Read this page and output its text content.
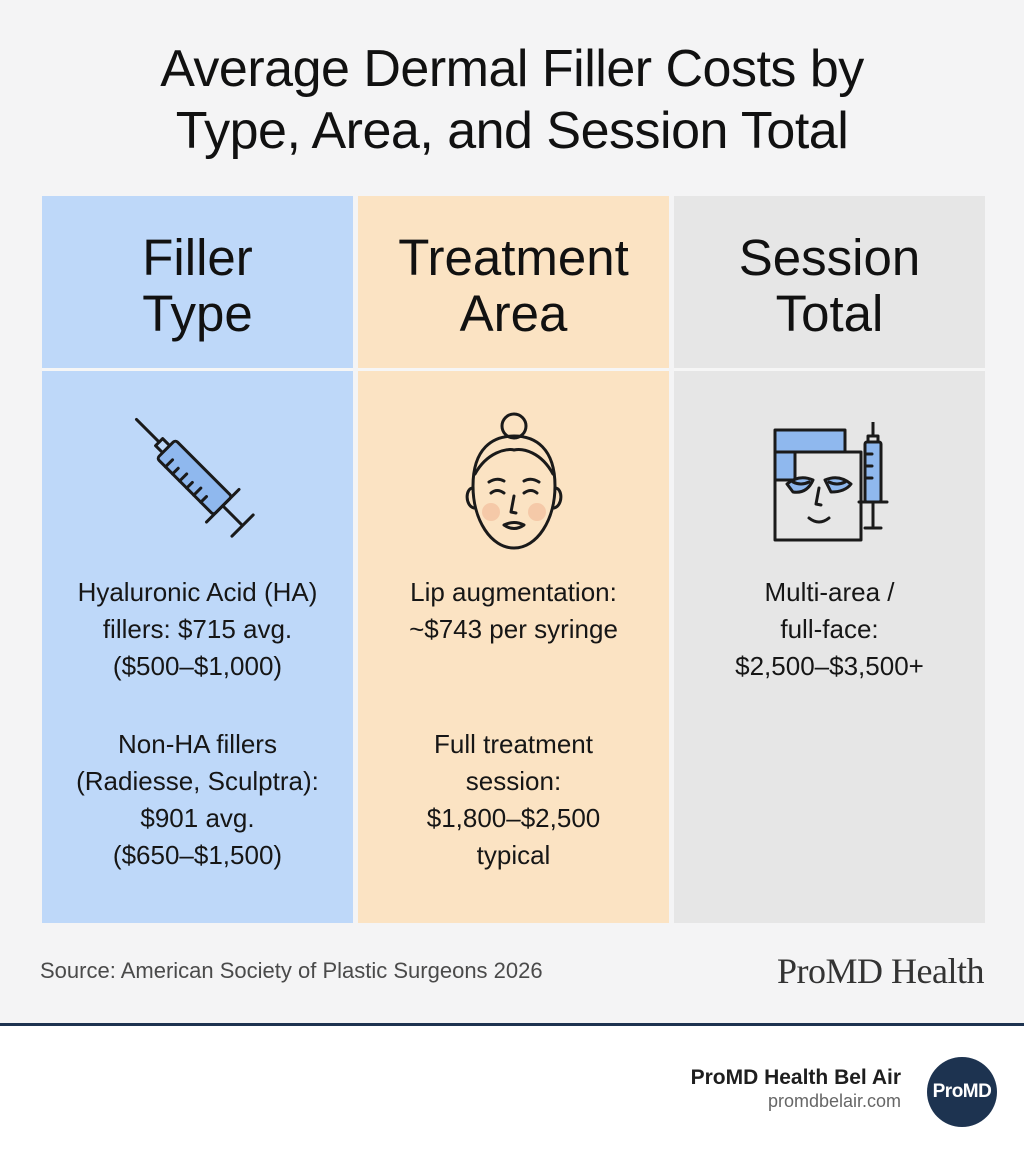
Average Dermal Filler Costs by
Type, Area, and Session Total
Filler
Type
Hyaluronic Acid (HA)
fillers: $715 avg.
($500–$1,000)
Non-HA fillers
(Radiesse, Sculptra):
$901 avg.
($650–$1,500)
Treatment
Area
Lip augmentation:
~$743 per syringe
Full treatment
session:
$1,800–$2,500
typical
Session
Total
Multi-area /
full-face:
$2,500–$3,500+
Source: American Society of Plastic Surgeons 2026	ProMD Health
ProMD Health Bel Air
promdbelair.com ProMD
